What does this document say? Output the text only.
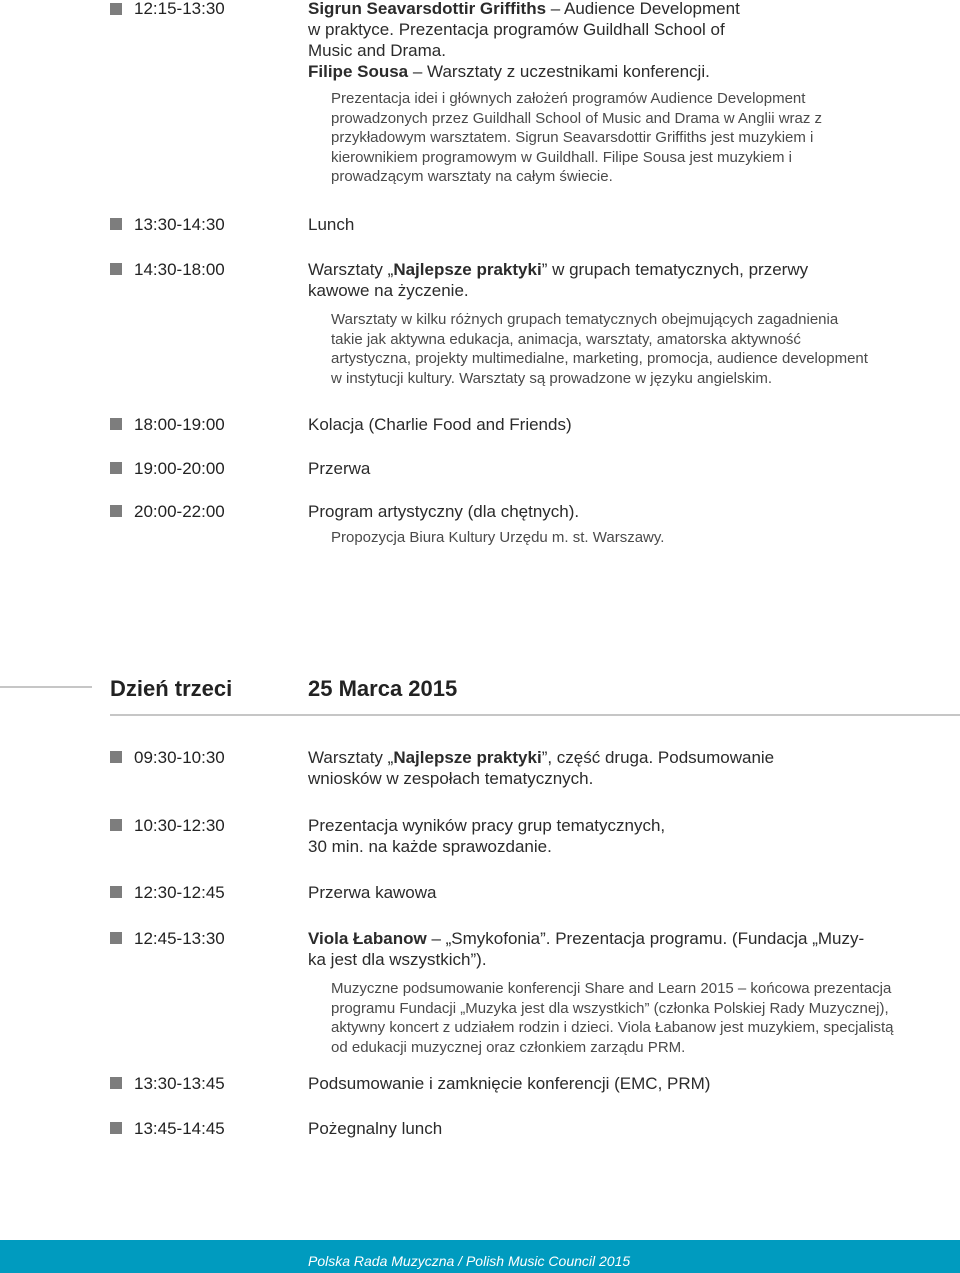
12:15-13:30	Sigrun Seavarsdottir Griffiths – Audience Development
w praktyce. Prezentacja programów Guildhall School of
Music and Drama.
Filipe Sousa – Warsztaty z uczestnikami konferencji.
Prezentacja idei i głównych założeń programów Audience Development prowadzonych przez Guildhall School of Music and Drama w Anglii wraz z przykładowym warsztatem. Sigrun Seavarsdottir Griffiths jest muzykiem i kierownikiem programowym w Guildhall. Filipe Sousa jest muzykiem i prowadzącym warsztaty na całym świecie.
13:30-14:30	Lunch
14:30-18:00	Warsztaty „Najlepsze praktyki” w grupach tematycznych, przerwy
kawowe na życzenie.
Warsztaty w kilku różnych grupach tematycznych obejmujących zagadnienia takie jak aktywna edukacja, animacja, warsztaty, amatorska aktywność artystyczna, projekty multimedialne, marketing, promocja, audience development w instytucji kultury. Warsztaty są prowadzone w języku angielskim.
18:00-19:00	Kolacja (Charlie Food and Friends)
19:00-20:00	Przerwa
20:00-22:00	Program artystyczny (dla chętnych).
Propozycja Biura Kultury Urzędu m. st. Warszawy.
Dzień trzeci	25 Marca 2015
09:30-10:30	Warsztaty „Najlepsze praktyki”, część druga. Podsumowanie
wniosków w zespołach tematycznych.
10:30-12:30	Prezentacja wyników pracy grup tematycznych,
30 min. na każde sprawozdanie.
12:30-12:45	Przerwa kawowa
12:45-13:30	Viola Łabanow – „Smykofonia”. Prezentacja programu. (Fundacja „Muzy-
ka jest dla wszystkich”).
Muzyczne podsumowanie konferencji Share and Learn 2015 – końcowa prezentacja programu Fundacji „Muzyka jest dla wszystkich” (członka Polskiej Rady Muzycznej), aktywny koncert z udziałem rodzin i dzieci. Viola Łabanow jest muzykiem, specjalistą od edukacji muzycznej oraz członkiem zarządu PRM.
13:30-13:45	Podsumowanie i zamknięcie konferencji (EMC, PRM)
13:45-14:45	Pożegnalny lunch
Polska Rada Muzyczna / Polish Music Council 2015
